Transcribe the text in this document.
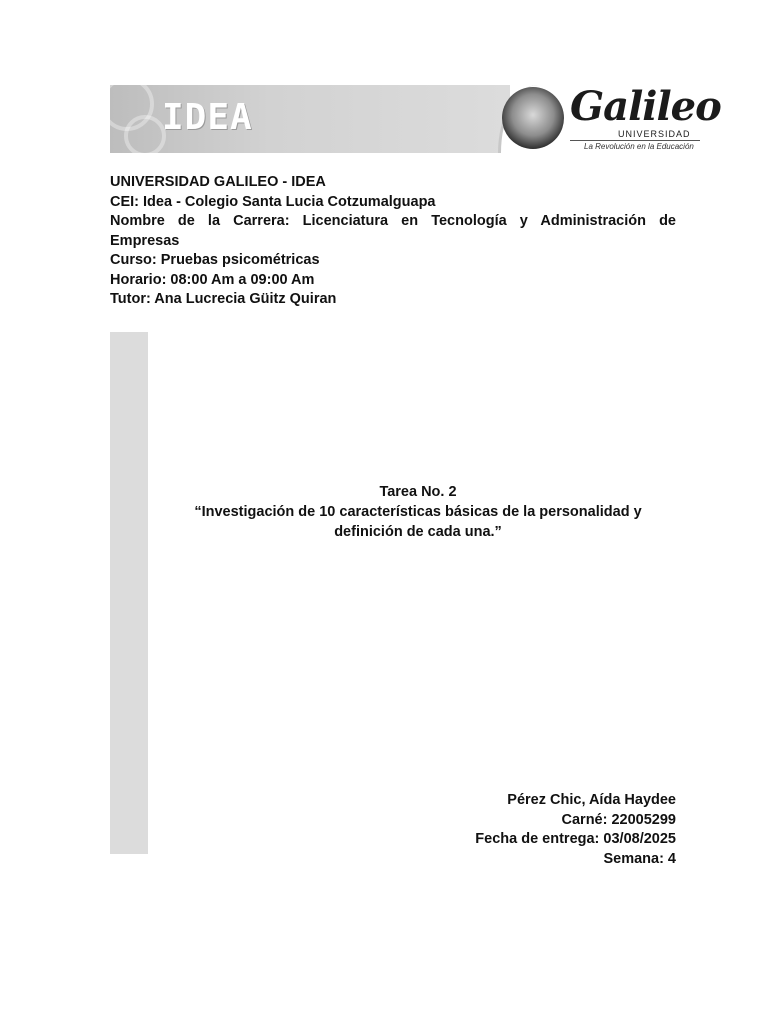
IDEA	Galileo
UNIVERSIDAD
La Revolución en la Educación
UNIVERSIDAD GALILEO - IDEA
CEI: Idea - Colegio Santa Lucia Cotzumalguapa
Nombre de la Carrera: Licenciatura en Tecnología y Administración de
Empresas
Curso: Pruebas psicométricas
Horario: 08:00 Am a 09:00 Am
Tutor: Ana Lucrecia Güitz Quiran
Tarea No. 2
“Investigación de 10 características básicas de la personalidad y
definición de cada una.”
Pérez Chic, Aída Haydee
Carné: 22005299
Fecha de entrega: 03/08/2025
Semana: 4
